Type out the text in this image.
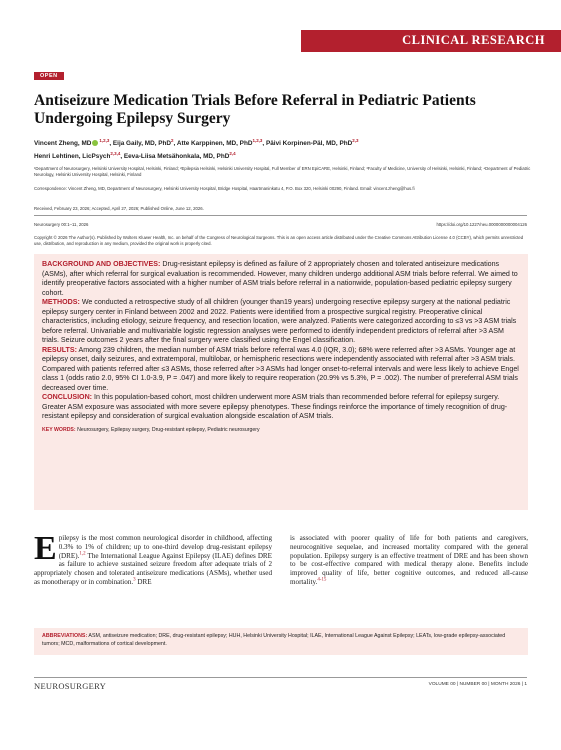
CLINICAL RESEARCH
OPEN
Antiseizure Medication Trials Before Referral in Pediatric Patients Undergoing Epilepsy Surgery
Vincent Zheng, MD $^{1,2,3}$, Eija Gaily, MD, PhD$^2$, Atte Karppinen, MD, PhD$^{1,2,3}$, Päivi Korpinen-Päl, MD, PhD$^{2,3}$
Henri Lehtinen, LicPsych$^{2,3,4}$, Eeva-Liisa Metsähonkala, MD, PhD$^{2,4}$
¹Department of Neurosurgery, Helsinki University Hospital, Helsinki, Finland; ²Epilepsia Helsinki, Helsinki University Hospital, Full Member of ERN EpiCARE, Helsinki, Finland; ³Faculty of Medicine, University of Helsinki, Helsinki, Finland; ⁴Department of Pediatric Neurology, Helsinki University Hospital, Helsinki, Finland
Correspondence: Vincent Zheng, MD, Department of Neurosurgery, Helsinki University Hospital, Bridge Hospital, Haartmaninkatu 4, P.O. Box 320, Helsinki 00290, Finland. Email: vincent.zheng@hus.fi
Received, February 23, 2026; Accepted, April 27, 2026; Published Online, June 12, 2026.
Neurosurgery 00:1–11, 2026	https://doi.org/10.1227/neu.0000000000004126
Copyright © 2026 The Author(s). Published by Wolters Kluwer Health, Inc. on behalf of the Congress of Neurological Surgeons. This is an open access article distributed under the Creative Commons Attribution License 4.0 (CCBY), which permits unrestricted use, distribution, and reproduction in any medium, provided the original work is properly cited.

BACKGROUND AND OBJECTIVES: Drug-resistant epilepsy is defined as failure of 2 appropriately chosen and tolerated antiseizure medications (ASMs), after which referral for surgical evaluation is recommended. However, many children undergo additional ASM trials before referral. We aimed to identify preoperative factors associated with a higher number of ASM trials before referral in a nationwide, population-based pediatric epilepsy surgery cohort.

METHODS: We conducted a retrospective study of all children (younger than19 years) undergoing resective epilepsy surgery at the national pediatric epilepsy surgery center in Finland between 2002 and 2022. Patients were identified from a prospective surgical registry. Preoperative clinical characteristics, including etiology, seizure frequency, and resection location, were analyzed. Patients were categorized according to ≤3 vs >3 ASM trials before referral. Univariable and multivariable logistic regression analyses were performed to identify independent predictors of referral after >3 ASM trials. Seizure outcomes 2 years after the final surgery were classified using the Engel classification.

RESULTS: Among 239 children, the median number of ASM trials before referral was 4.0 (IQR, 3.0); 68% were referred after >3 ASMs. Younger age at epilepsy onset, daily seizures, and extratemporal, multilobar, or hemispheric resections were independently associated with referral after >3 ASM trials. Compared with patients referred after ≤3 ASMs, those referred after >3 ASMs had longer onset-to-referral intervals and were less likely to achieve Engel class 1 (odds ratio 2.0, 95% CI 1.0-3.9, P = .047) and more likely to require reoperation (20.9% vs 5.3%, P = .002). The number of prereferral ASM trials decreased over time.

CONCLUSION: In this population-based cohort, most children underwent more ASM trials than recommended before referral for epilepsy surgery. Greater ASM exposure was associated with more severe epilepsy phenotypes. These findings reinforce the importance of timely recognition of drug-resistant epilepsy and consideration of surgical evaluation alongside escalation of ASM trials.

KEY WORDS: Neurosurgery, Epilepsy surgery, Drug-resistant epilepsy, Pediatric neurosurgery

Epilepsy is the most common neurological disorder in childhood, affecting 0.3% to 1% of children; up to one-third develop drug-resistant epilepsy (DRE).$^{1,2}$ The International League Against Epilepsy (ILAE) defines DRE as failure to achieve sustained seizure freedom after adequate trials of 2 appropriately chosen and tolerated antiseizure medications (ASMs), whether used as monotherapy or in combination.$^3$ DRE
is associated with poorer quality of life for both patients and caregivers, neurocognitive sequelae, and increased mortality compared with the general population. Epilepsy surgery is an effective treatment of DRE and has been shown to be cost-effective compared with medical therapy alone. Benefits include improved quality of life, better cognitive outcomes, and reduced all-cause mortality.$^{4-15}$
ABBREVIATIONS: ASM, antiseizure medication; DRE, drug-resistant epilepsy; HUH, Helsinki University Hospital; ILAE, International League Against Epilepsy; LEATs, low-grade epilepsy-associated tumors; MCD, malformations of cortical development.
NEUROSURGERY	VOLUME 00 | NUMBER 00 | MONTH 2026 | 1
